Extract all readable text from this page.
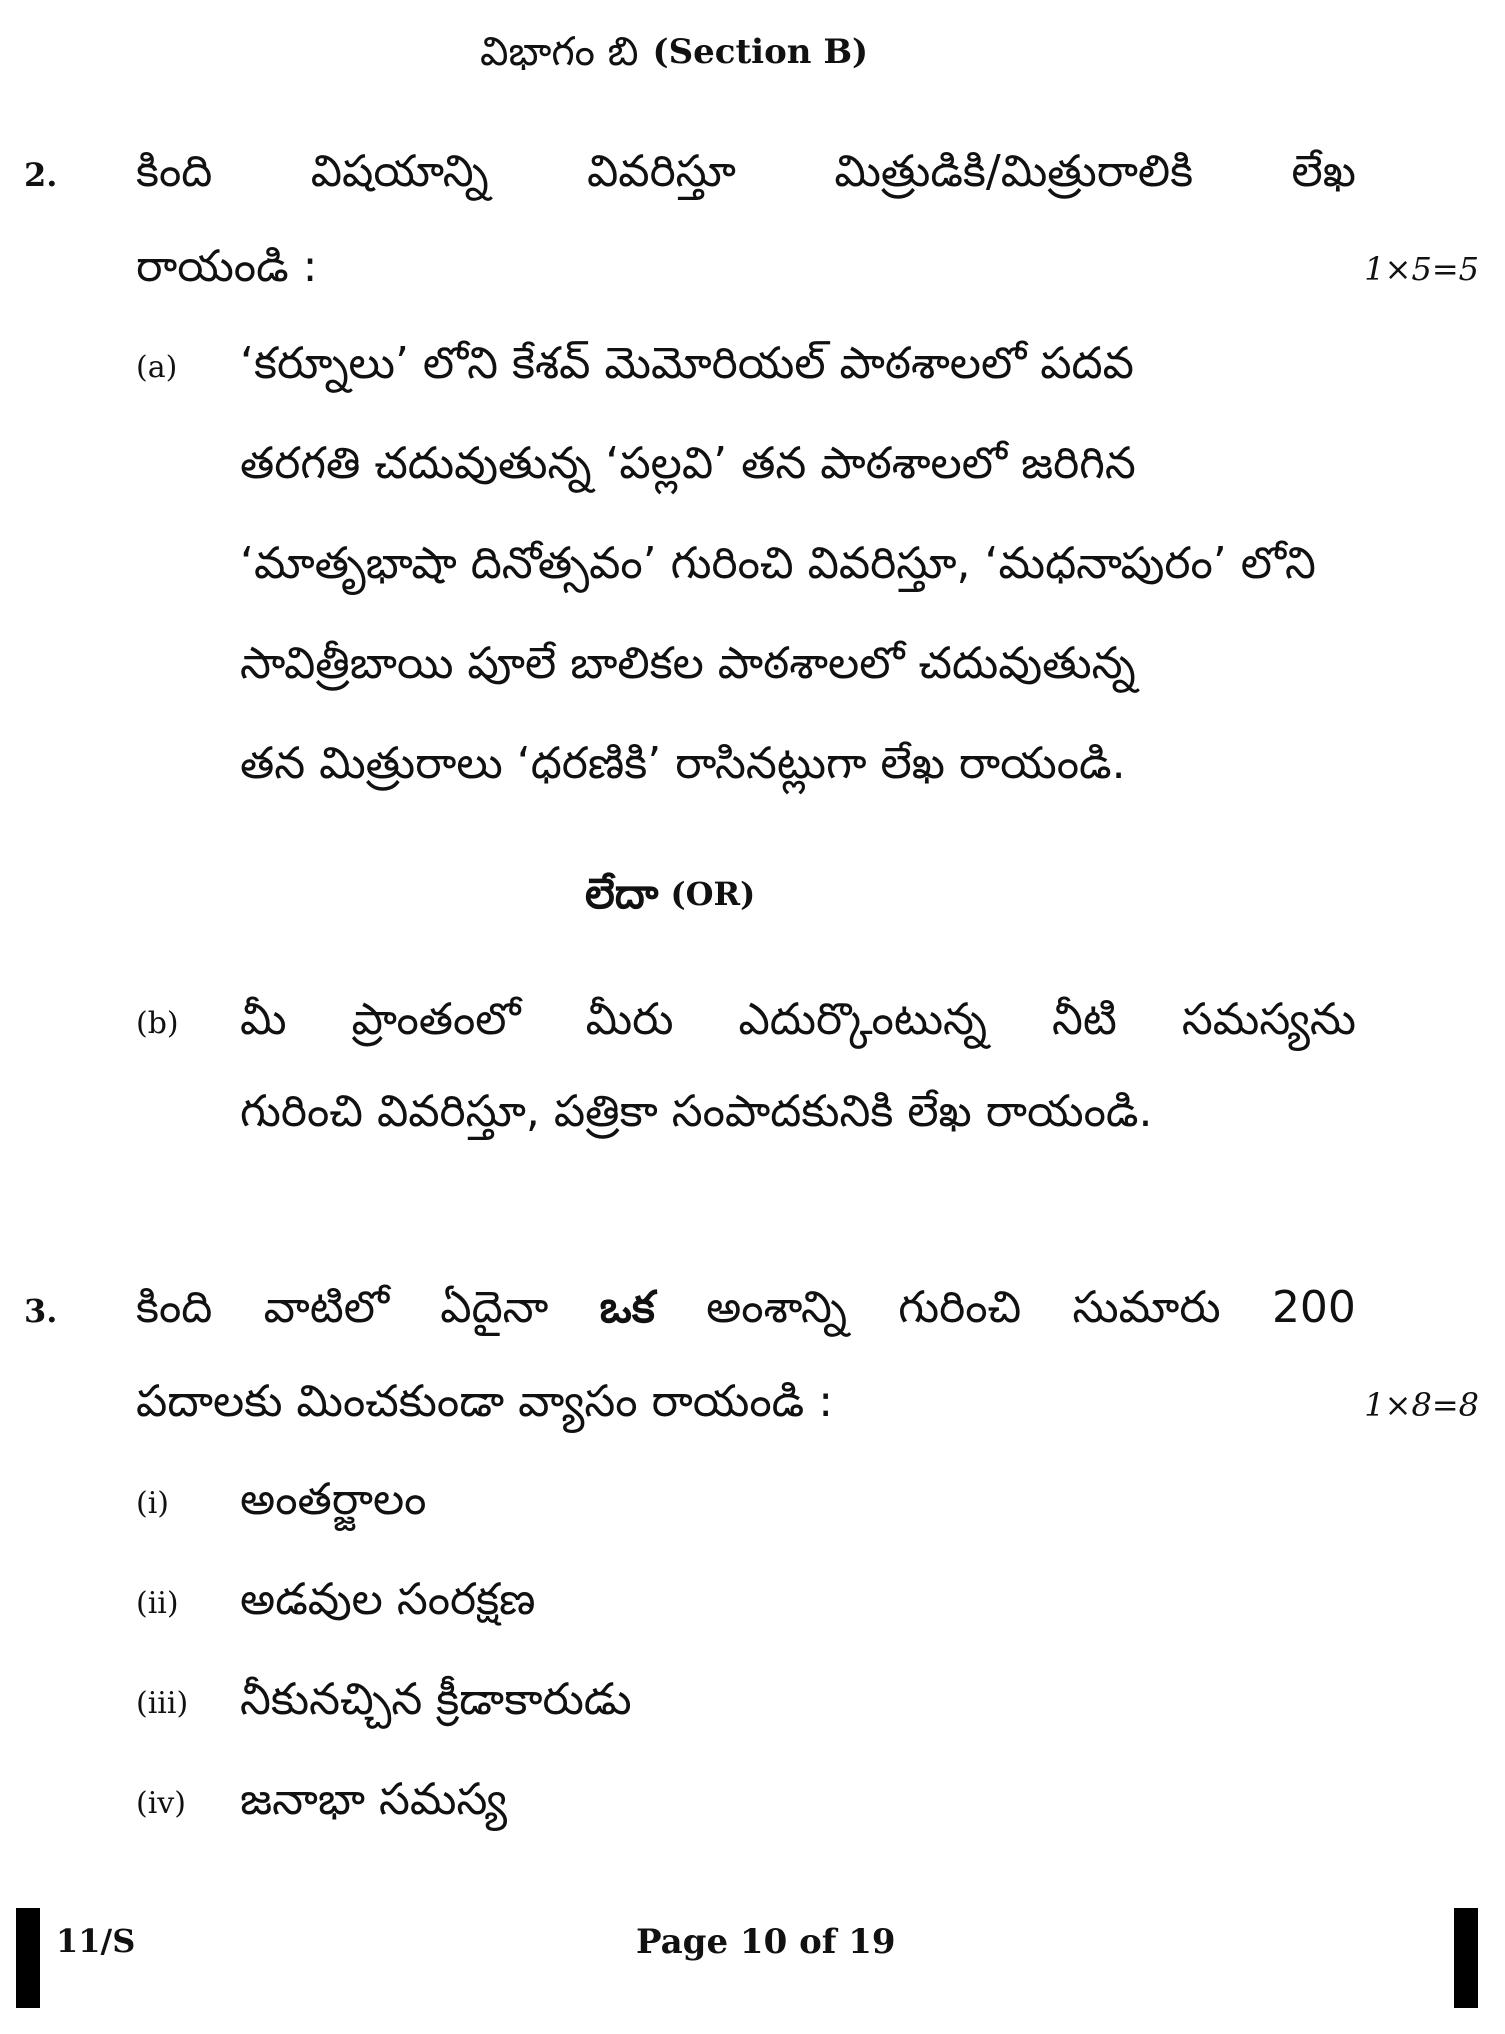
విభాగం బి (Section B)
2. కింది విషయాన్ని వివరిస్తూ మిత్రుడికి/మిత్రురాలికి లేఖ
రాయండి :	1×5=5
(a) ‘కర్నూలు’ లోని కేశవ్ మెమోరియల్ పాఠశాలలో పదవ
తరగతి చదువుతున్న ‘పల్లవి’ తన పాఠశాలలో జరిగిన
‘మాతృభాషా దినోత్సవం’ గురించి వివరిస్తూ, ‘మధనాపురం’ లోని
సావిత్రీబాయి పూలే బాలికల పాఠశాలలో చదువుతున్న
తన మిత్రురాలు ‘ధరణికి’ రాసినట్లుగా లేఖ రాయండి.
లేదా (OR)
(b) మీ ప్రాంతంలో మీరు ఎదుర్కొంటున్న నీటి సమస్యను
గురించి వివరిస్తూ, పత్రికా సంపాదకునికి లేఖ రాయండి.
3. కింది వాటిలో ఏదైనా ఒక అంశాన్ని గురించి సుమారు 200
పదాలకు మించకుండా వ్యాసం రాయండి :	1×8=8
(i) అంతర్జాలం
(ii) అడవుల సంరక్షణ
(iii) నీకునచ్చిన క్రీడాకారుడు
(iv) జనాభా సమస్య
11/S	Page 10 of 19
